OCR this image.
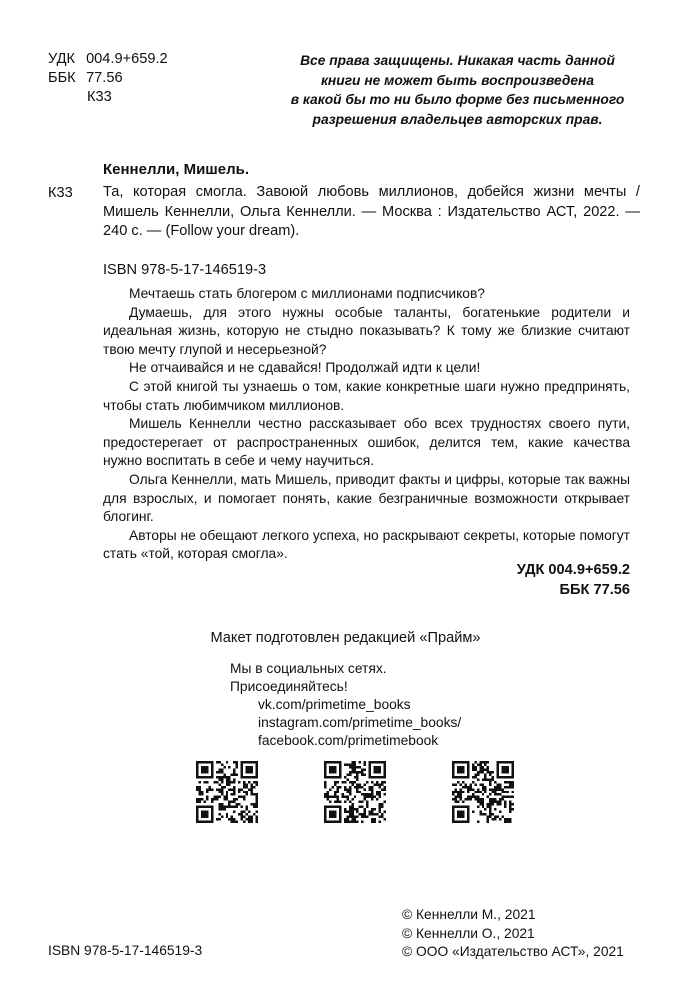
УДК 004.9+659.2
ББК 77.56
К33
Все права защищены. Никакая часть данной
книги не может быть воспроизведена
в какой бы то ни было форме без письменного
разрешения владельцев авторских прав.
Кеннелли, Мишель.
К33 Та, которая смогла. Завоюй любовь миллионов, добейся жизни мечты / Мишель Кеннелли, Ольга Кеннелли. — Москва : Издательство АСТ, 2022. — 240 с. — (Follow your dream).
ISBN 978-5-17-146519-3

Мечтаешь стать блогером с миллионами подписчиков?

Думаешь, для этого нужны особые таланты, богатенькие родители и идеальная жизнь, которую не стыдно показывать? К тому же близкие считают твою мечту глупой и несерьезной?

Не отчаивайся и не сдавайся! Продолжай идти к цели!

С этой книгой ты узнаешь о том, какие конкретные шаги нужно предпринять, чтобы стать любимчиком миллионов.

Мишель Кеннелли честно рассказывает обо всех трудностях своего пути, предостерегает от распространенных ошибок, делится тем, какие качества нужно воспитать в себе и чему научиться.

Ольга Кеннелли, мать Мишель, приводит факты и цифры, которые так важны для взрослых, и помогает понять, какие безграничные возможности открывает блогинг.

Авторы не обещают легкого успеха, но раскрывают секреты, которые помогут стать «той, которая смогла».

УДК 004.9+659.2
ББК 77.56
Макет подготовлен редакцией «Прайм»
Мы в социальных сетях.
Присоединяйтесь!
vk.com/primetime_books
instagram.com/primetime_books/
facebook.com/primetimebook
© Кеннелли М., 2021
© Кеннелли О., 2021
© ООО «Издательство АСТ», 2021
ISBN 978-5-17-146519-3
